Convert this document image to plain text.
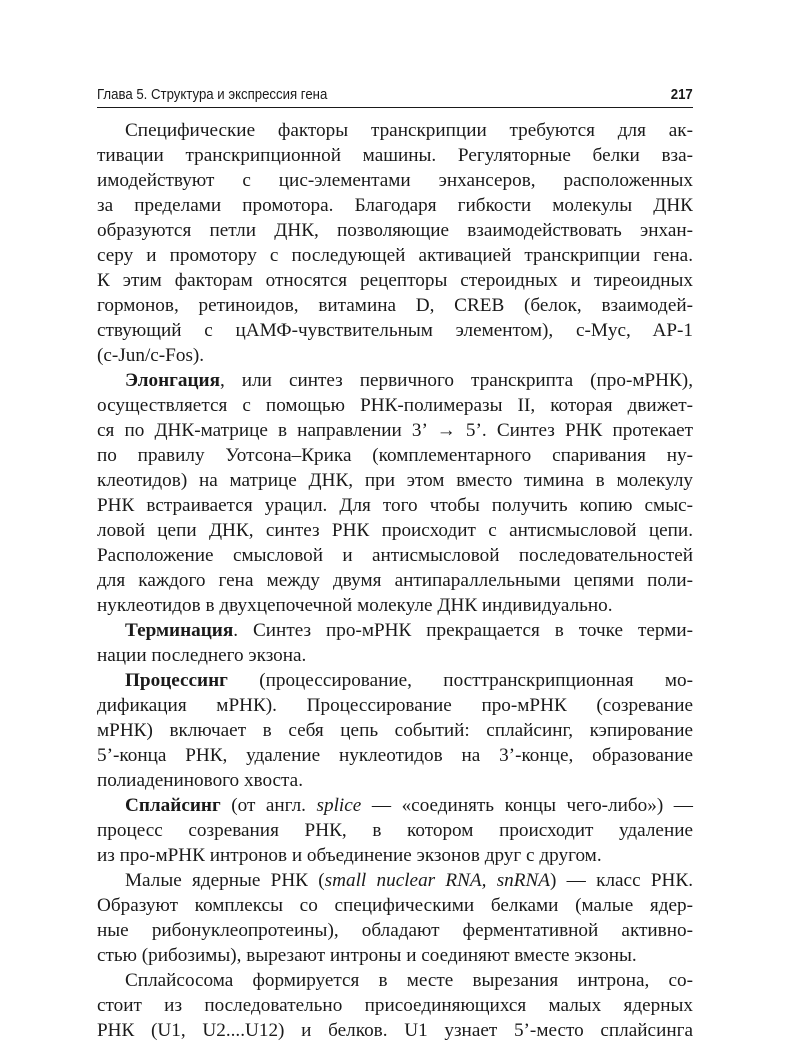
Глава 5. Структура и экспрессия гена	217
Специфические факторы транскрипции требуются для ак-
тивации транскрипционной машины. Регуляторные белки вза-
имодействуют с цис-элементами энхансеров, расположенных
за пределами промотора. Благодаря гибкости молекулы ДНК
образуются петли ДНК, позволяющие взаимодействовать энхан-
серу и промотору с последующей активацией транскрипции гена.
К этим факторам относятся рецепторы стероидных и тиреоидных
гормонов, ретиноидов, витамина D, CREB (белок, взаимодей-
ствующий с цАМФ-чувствительным элементом), c-Myc, AP-1
(c-Jun/c-Fos).
Элонгация, или синтез первичного транскрипта (про-мРНК),
осуществляется с помощью РНК-полимеразы II, которая движет-
ся по ДНК-матрице в направлении 3’ → 5’. Синтез РНК протекает
по правилу Уотсона–Крика (комплементарного спаривания ну-
клеотидов) на матрице ДНК, при этом вместо тимина в молекулу
РНК встраивается урацил. Для того чтобы получить копию смыс-
ловой цепи ДНК, синтез РНК происходит с антисмысловой цепи.
Расположение смысловой и антисмысловой последовательностей
для каждого гена между двумя антипараллельными цепями поли-
нуклеотидов в двухцепочечной молекуле ДНК индивидуально.
Терминация. Синтез про-мРНК прекращается в точке терми-
нации последнего экзона.
Процессинг (процессирование, посттранскрипционная мо-
дификация мРНК). Процессирование про-мРНК (созревание
мРНК) включает в себя цепь событий: сплайсинг, кэпирование
5’-конца РНК, удаление нуклеотидов на 3’-конце, образование
полиаденинового хвоста.
Сплайсинг (от англ. splice — «соединять концы чего-либо») —
процесс созревания РНК, в котором происходит удаление
из про-мРНК интронов и объединение экзонов друг с другом.
Малые ядерные РНК (small nuclear RNA, snRNA) — класс РНК.
Образуют комплексы со специфическими белками (малые ядер-
ные рибонуклеопротеины), обладают ферментативной активно-
стью (рибозимы), вырезают интроны и соединяют вместе экзоны.
Сплайсосома формируется в месте вырезания интрона, со-
стоит из последовательно присоединяющихся малых ядерных
РНК (U1, U2....U12) и белков. U1 узнает 5’-место сплайсинга
